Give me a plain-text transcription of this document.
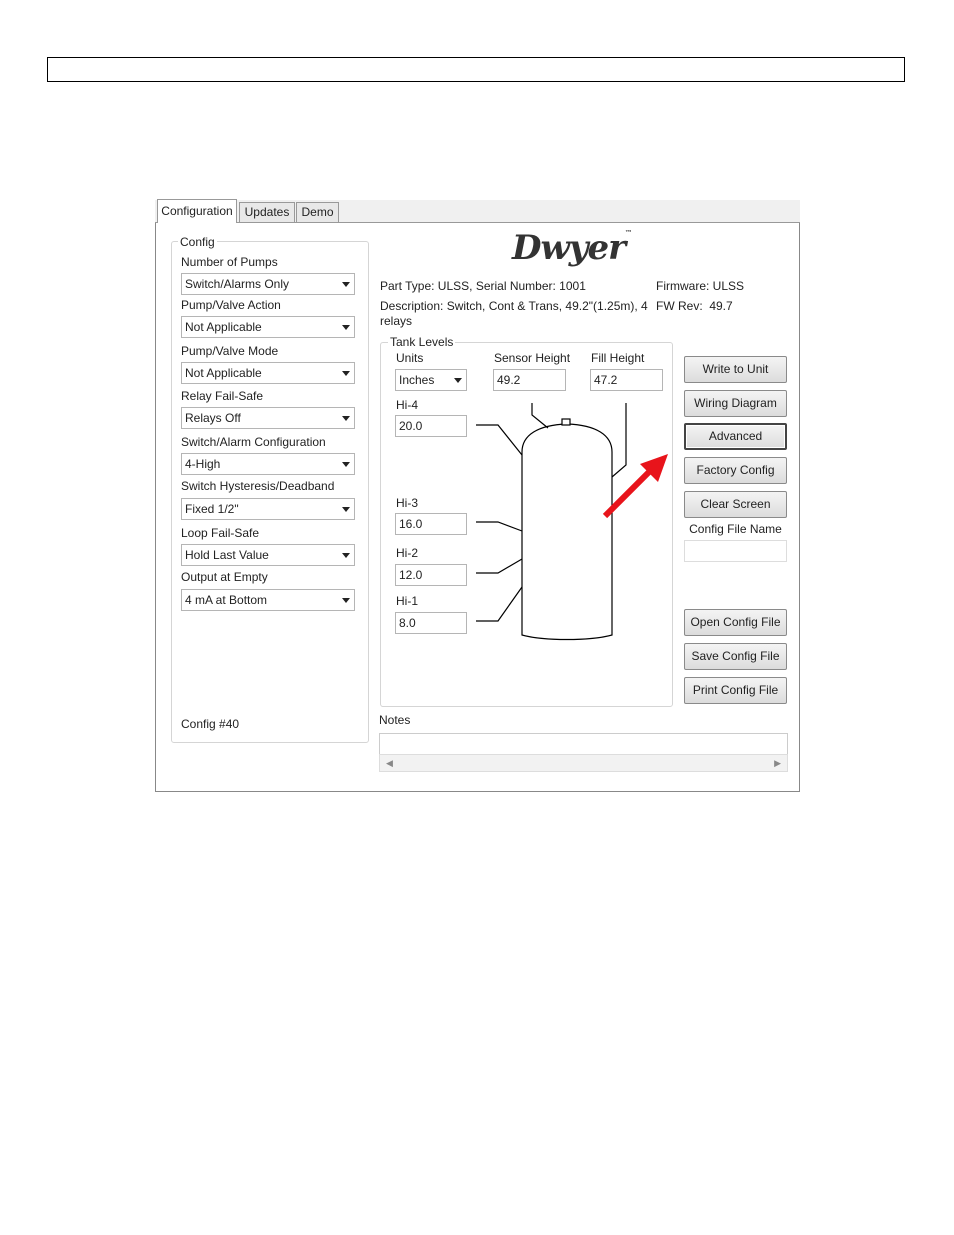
Configuration Updates	Demo
Config
Number of Pumps
Switch/Alarms Only
Pump/Valve Action
Not Applicable
Pump/Valve Mode
Not Applicable
Relay Fail-Safe
Relays Off
Switch/Alarm Configuration
4-High
Switch Hysteresis/Deadband
Fixed 1/2"
Loop Fail-Safe
Hold Last Value
Output at Empty
4 mA at Bottom
Config #40
Dwyer™
Part Type: ULSS, Serial Number: 1001
Description: Switch, Cont & Trans, 49.2"(1.25m), 4
relays
Firmware: ULSS
FW Rev:  49.7
Tank Levels
Units
Inches
Sensor Height
49.2
Fill Height
47.2
Hi-4
20.0
Hi-3
16.0
Hi-2
12.0
Hi-1
8.0
Write to Unit
Wiring Diagram
Advanced
Factory Config
Clear Screen
Config File Name
Open Config File
Save Config File
Print Config File
Notes
◀	▶
